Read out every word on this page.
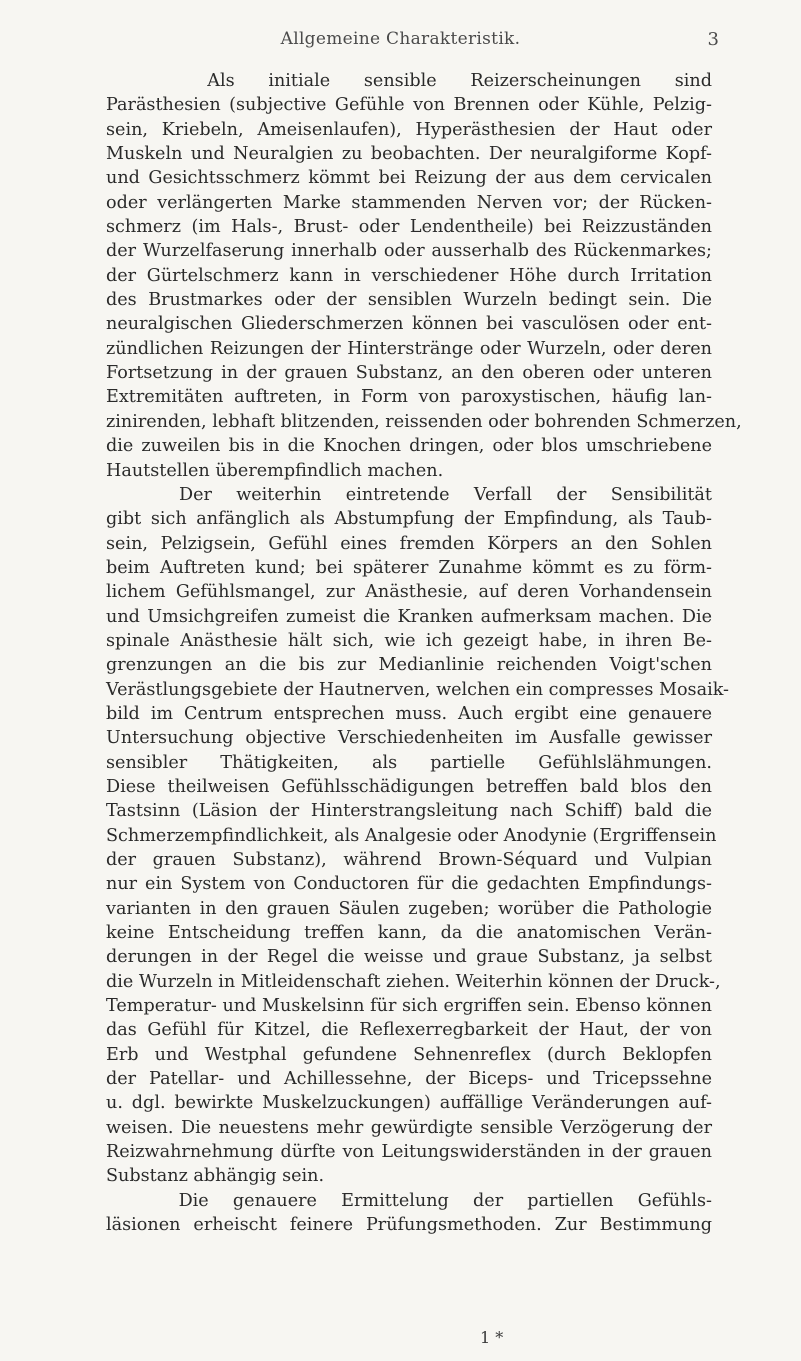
Allgemeine Charakteristik.	3
Als initiale sensible Reizerscheinungen sind
Parästhesien (subjective Gefühle von Brennen oder Kühle, Pelzig-
sein, Kriebeln, Ameisenlaufen), Hyperästhesien der Haut oder
Muskeln und Neuralgien zu beobachten. Der neuralgiforme Kopf-
und Gesichtsschmerz kömmt bei Reizung der aus dem cervicalen
oder verlängerten Marke stammenden Nerven vor; der Rücken-
schmerz (im Hals-, Brust- oder Lendentheile) bei Reizzuständen
der Wurzelfaserung innerhalb oder ausserhalb des Rückenmarkes;
der Gürtelschmerz kann in verschiedener Höhe durch Irritation
des Brustmarkes oder der sensiblen Wurzeln bedingt sein. Die
neuralgischen Gliederschmerzen können bei vasculösen oder ent-
zündlichen Reizungen der Hinterstränge oder Wurzeln, oder deren
Fortsetzung in der grauen Substanz, an den oberen oder unteren
Extremitäten auftreten, in Form von paroxystischen, häufig lan-
zinirenden, lebhaft blitzenden, reissenden oder bohrenden Schmerzen,
die zuweilen bis in die Knochen dringen, oder blos umschriebene
Hautstellen überempfindlich machen.
Der weiterhin eintretende Verfall der Sensibilität
gibt sich anfänglich als Abstumpfung der Empfindung, als Taub-
sein, Pelzigsein, Gefühl eines fremden Körpers an den Sohlen
beim Auftreten kund; bei späterer Zunahme kömmt es zu förm-
lichem Gefühlsmangel, zur Anästhesie, auf deren Vorhandensein
und Umsichgreifen zumeist die Kranken aufmerksam machen. Die
spinale Anästhesie hält sich, wie ich gezeigt habe, in ihren Be-
grenzungen an die bis zur Medianlinie reichenden Voigt'schen
Verästlungsgebiete der Hautnerven, welchen ein compresses Mosaik-
bild im Centrum entsprechen muss. Auch ergibt eine genauere
Untersuchung objective Verschiedenheiten im Ausfalle gewisser
sensibler Thätigkeiten, als partielle Gefühlslähmungen.
Diese theilweisen Gefühlsschädigungen betreffen bald blos den
Tastsinn (Läsion der Hinterstrangsleitung nach Schiff) bald die
Schmerzempfindlichkeit, als Analgesie oder Anodynie (Ergriffensein
der grauen Substanz), während Brown-Séquard und Vulpian
nur ein System von Conductoren für die gedachten Empfindungs-
varianten in den grauen Säulen zugeben; worüber die Pathologie
keine Entscheidung treffen kann, da die anatomischen Verän-
derungen in der Regel die weisse und graue Substanz, ja selbst
die Wurzeln in Mitleidenschaft ziehen. Weiterhin können der Druck-,
Temperatur- und Muskelsinn für sich ergriffen sein. Ebenso können
das Gefühl für Kitzel, die Reflexerregbarkeit der Haut, der von
Erb und Westphal gefundene Sehnenreflex (durch Beklopfen
der Patellar- und Achillessehne, der Biceps- und Tricepssehne
u. dgl. bewirkte Muskelzuckungen) auffällige Veränderungen auf-
weisen. Die neuestens mehr gewürdigte sensible Verzögerung der
Reizwahrnehmung dürfte von Leitungswiderständen in der grauen
Substanz abhängig sein.
Die genauere Ermittelung der partiellen Gefühls-
läsionen erheischt feinere Prüfungsmethoden. Zur Bestimmung
1 *
